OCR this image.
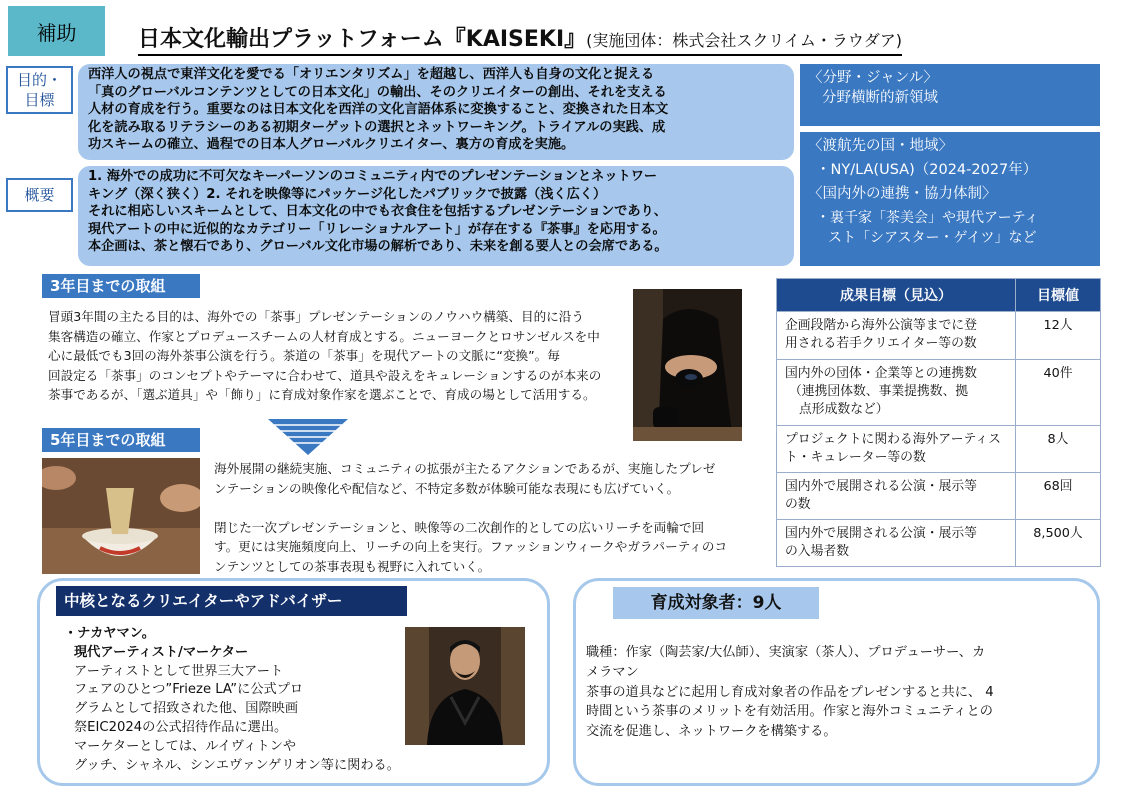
補助	日本文化輸出プラットフォーム『KAISEKI』(実施団体：株式会社スクリイム・ラウダア)
目的・
目標
西洋人の視点で東洋文化を愛でる「オリエンタリズム」を超越し、西洋人も自身の文化と捉える
「真のグローバルコンテンツとしての日本文化」の輸出、そのクリエイターの創出、それを支える
人材の育成を行う。重要なのは日本文化を西洋の文化言語体系に変換すること、変換された日本文
化を読み取るリテラシーのある初期ターゲットの選択とネットワーキング。トライアルの実践、成
功スキームの確立、過程での日本人グローバルクリエイター、裏方の育成を実施。
概要
1. 海外での成功に不可欠なキーパーソンのコミュニティ内でのプレゼンテーションとネットワー
キング（深く狭く）2. それを映像等にパッケージ化したパブリックで披露（浅く広く）
それに相応しいスキームとして、日本文化の中でも衣食住を包括するプレゼンテーションであり、
現代アートの中に近似的なカテゴリー「リレーショナルアート」が存在する『茶事』を応用する。
本企画は、茶と懐石であり、グローバル文化市場の解析であり、未来を創る要人との会席である。
〈分野・ジャンル〉
分野横断的新領域
〈渡航先の国・地域〉
・NY/LA(USA)（2024-2027年）
〈国内外の連携・協力体制〉
・裏千家「茶美会」や現代アーティ
スト「シアスター・ゲイツ」など
3年目までの取組
冒頭3年間の主たる目的は、海外での「茶事」プレゼンテーションのノウハウ構築、目的に沿う
集客構造の確立、作家とプロデュースチームの人材育成とする。ニューヨークとロサンゼルスを中
心に最低でも3回の海外茶事公演を行う。茶道の「茶事」を現代アートの文脈に“変換”。毎
回設定る「茶事」のコンセプトやテーマに合わせて、道具や設えをキュレーションするのが本来の
茶事であるが、「選ぶ道具」や「飾り」に育成対象作家を選ぶことで、育成の場として活用する。
5年目までの取組
海外展開の継続実施、コミュニティの拡張が主たるアクションであるが、実施したプレゼ
ンテーションの映像化や配信など、不特定多数が体験可能な表現にも広げていく。
閉じた一次プレゼンテーションと、映像等の二次創作的としての広いリーチを両輪で回
す。更には実施頻度向上、リーチの向上を実行。ファッションウィークやガラパーティのコ
ンテンツとしての茶事表現も視野に入れていく。
成果目標（見込）	目標値

企画段階から海外公演等までに登
用される若手クリエイター等の数	12人

国内外の団体・企業等との連携数
（連携団体数、事業提携数、拠
点形成数など）	40件

プロジェクトに関わる海外アーティス
ト・キュレーター等の数	8人

国内外で展開される公演・展示等
の数	68回

国内外で展開される公演・展示等
の入場者数	8,500人
中核となるクリエイターやアドバイザー
・ナカヤマン。
現代アーティスト/マーケター
アーティストとして世界三大アート
フェアのひとつ”Frieze LA”に公式プロ
グラムとして招致された他、国際映画
祭EIC2024の公式招待作品に選出。
マーケターとしては、ルイヴィトンや
グッチ、シャネル、シンエヴァンゲリオン等に関わる。
育成対象者：9人
職種：作家（陶芸家/大仏師）、実演家（茶人）、プロデューサー、カ
メラマン
茶事の道具などに起用し育成対象者の作品をプレゼンすると共に、 4
時間という茶事のメリットを有効活用。作家と海外コミュニティとの
交流を促進し、ネットワークを構築する。
